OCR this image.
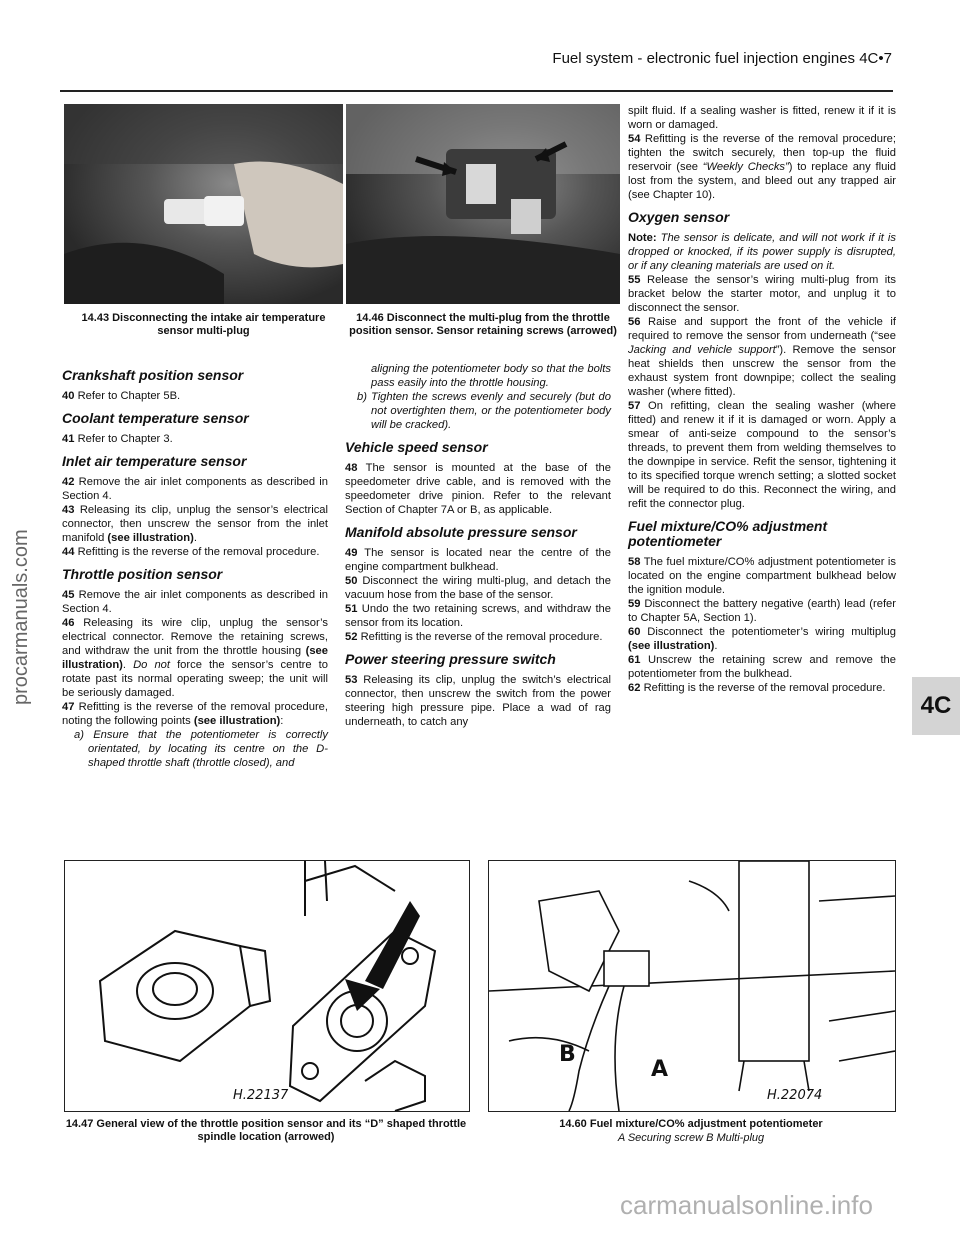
Fuel system - electronic fuel injection engines 4C•7
procarmanuals.com
4C
14.43 Disconnecting the intake air temperature sensor multi-plug
14.46 Disconnect the multi-plug from the throttle position sensor. Sensor retaining screws (arrowed)
Crankshaft position sensor

40 Refer to Chapter 5B.

Coolant temperature sensor

41 Refer to Chapter 3.

Inlet air temperature sensor

42 Remove the air inlet components as described in Section 4.

43 Releasing its clip, unplug the sensor’s electrical connector, then unscrew the sensor from the inlet manifold (see illustration).

44 Refitting is the reverse of the removal procedure.

Throttle position sensor

45 Remove the air inlet components as described in Section 4.

46 Releasing its wire clip, unplug the sensor’s electrical connector. Remove the retaining screws, and withdraw the unit from the throttle housing (see illustration). Do not force the sensor’s centre to rotate past its normal operating sweep; the unit will be seriously damaged.

47 Refitting is the reverse of the removal procedure, noting the following points (see illustration):

a) Ensure that the potentiometer is correctly orientated, by locating its centre on the D-shaped throttle shaft (throttle closed), and

aligning the potentiometer body so that the bolts pass easily into the throttle housing.

b) Tighten the screws evenly and securely (but do not overtighten them, or the potentiometer body will be cracked).

Vehicle speed sensor

48 The sensor is mounted at the base of the speedometer drive cable, and is removed with the speedometer drive pinion. Refer to the relevant Section of Chapter 7A or B, as applicable.

Manifold absolute pressure sensor

49 The sensor is located near the centre of the engine compartment bulkhead.

50 Disconnect the wiring multi-plug, and detach the vacuum hose from the base of the sensor.

51 Undo the two retaining screws, and withdraw the sensor from its location.

52 Refitting is the reverse of the removal procedure.

Power steering pressure switch

53 Releasing its clip, unplug the switch’s electrical connector, then unscrew the switch from the power steering high pressure pipe. Place a wad of rag underneath, to catch any

spilt fluid. If a sealing washer is fitted, renew it if it is worn or damaged.

54 Refitting is the reverse of the removal procedure; tighten the switch securely, then top-up the fluid reservoir (see “Weekly Checks”) to replace any fluid lost from the system, and bleed out any trapped air (see Chapter 10).

Oxygen sensor

Note: The sensor is delicate, and will not work if it is dropped or knocked, if its power supply is disrupted, or if any cleaning materials are used on it.

55 Release the sensor’s wiring multi-plug from its bracket below the starter motor, and unplug it to disconnect the sensor.

56 Raise and support the front of the vehicle if required to remove the sensor from underneath (“see Jacking and vehicle support”). Remove the sensor heat shields then unscrew the sensor from the exhaust system front downpipe; collect the sealing washer (where fitted).

57 On refitting, clean the sealing washer (where fitted) and renew it if it is damaged or worn. Apply a smear of anti-seize compound to the sensor’s threads, to prevent them from welding themselves to the downpipe in service. Refit the sensor, tightening it to its specified torque wrench setting; a slotted socket will be required to do this. Reconnect the wiring, and refit the connector plug.

Fuel mixture/CO% adjustment potentiometer

58 The fuel mixture/CO% adjustment potentiometer is located on the engine compartment bulkhead below the ignition module.

59 Disconnect the battery negative (earth) lead (refer to Chapter 5A, Section 1).

60 Disconnect the potentiometer’s wiring multiplug (see illustration).

61 Unscrew the retaining screw and remove the potentiometer from the bulkhead.

62 Refitting is the reverse of the removal procedure.

H.22137
14.47 General view of the throttle position sensor and its “D” shaped throttle spindle location (arrowed)
B
A
H.22074
14.60 Fuel mixture/CO% adjustment potentiometer
A Securing screw B Multi-plug
carmanualsonline.info
